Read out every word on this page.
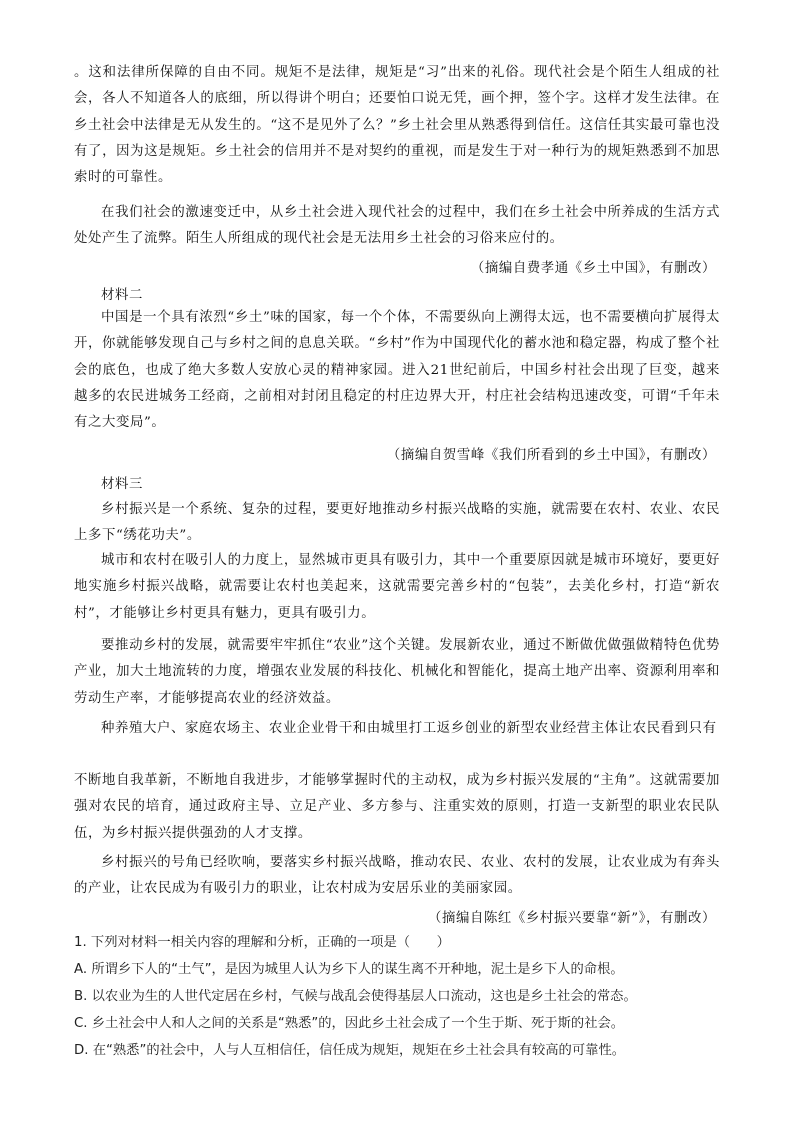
。这和法律所保障的自由不同。规矩不是法律，规矩是“习”出来的礼俗。现代社会是个陌生人组成的社会，各人不知道各人的底细，所以得讲个明白；还要怕口说无凭，画个押，签个字。这样才发生法律。在乡土社会中法律是无从发生的。“这不是见外了么？”乡土社会里从熟悉得到信任。这信任其实最可靠也没有了，因为这是规矩。乡土社会的信用并不是对契约的重视，而是发生于对一种行为的规矩熟悉到不加思索时的可靠性。
在我们社会的激速变迁中，从乡土社会进入现代社会的过程中，我们在乡土社会中所养成的生活方式处处产生了流弊。陌生人所组成的现代社会是无法用乡土社会的习俗来应付的。
（摘编自费孝通《乡土中国》，有删改）
材料二
中国是一个具有浓烈“乡土”味的国家，每一个个体，不需要纵向上溯得太远，也不需要横向扩展得太开，你就能够发现自己与乡村之间的息息关联。“乡村”作为中国现代化的蓄水池和稳定器，构成了整个社会的底色，也成了绝大多数人安放心灵的精神家园。进入21世纪前后，中国乡村社会出现了巨变，越来越多的农民进城务工经商，之前相对封闭且稳定的村庄边界大开，村庄社会结构迅速改变，可谓“千年未有之大变局”。
（摘编自贺雪峰《我们所看到的乡土中国》，有删改）
材料三
乡村振兴是一个系统、复杂的过程，要更好地推动乡村振兴战略的实施，就需要在农村、农业、农民上多下“绣花功夫”。
城市和农村在吸引人的力度上，显然城市更具有吸引力，其中一个重要原因就是城市环境好，要更好地实施乡村振兴战略，就需要让农村也美起来，这就需要完善乡村的“包装”，去美化乡村，打造“新农村”，才能够让乡村更具有魅力，更具有吸引力。
要推动乡村的发展，就需要牢牢抓住“农业”这个关键。发展新农业，通过不断做优做强做精特色优势产业，加大土地流转的力度，增强农业发展的科技化、机械化和智能化，提高土地产出率、资源利用率和劳动生产率，才能够提高农业的经济效益。
种养殖大户、家庭农场主、农业企业骨干和由城里打工返乡创业的新型农业经营主体让农民看到只有
不断地自我革新，不断地自我进步，才能够掌握时代的主动权，成为乡村振兴发展的“主角”。这就需要加强对农民的培育，通过政府主导、立足产业、多方参与、注重实效的原则，打造一支新型的职业农民队伍，为乡村振兴提供强劲的人才支撑。
乡村振兴的号角已经吹响，要落实乡村振兴战略，推动农民、农业、农村的发展，让农业成为有奔头的产业，让农民成为有吸引力的职业，让农村成为安居乐业的美丽家园。
（摘编自陈红《乡村振兴要靠“新”》，有删改）
1. 下列对材料一相关内容的理解和分析，正确的一项是（　　）
A. 所谓乡下人的“土气”，是因为城里人认为乡下人的谋生离不开种地，泥土是乡下人的命根。
B. 以农业为生的人世代定居在乡村，气候与战乱会使得基层人口流动，这也是乡土社会的常态。
C. 乡土社会中人和人之间的关系是“熟悉”的，因此乡土社会成了一个生于斯、死于斯的社会。
D. 在“熟悉”的社会中，人与人互相信任，信任成为规矩，规矩在乡土社会具有较高的可靠性。
